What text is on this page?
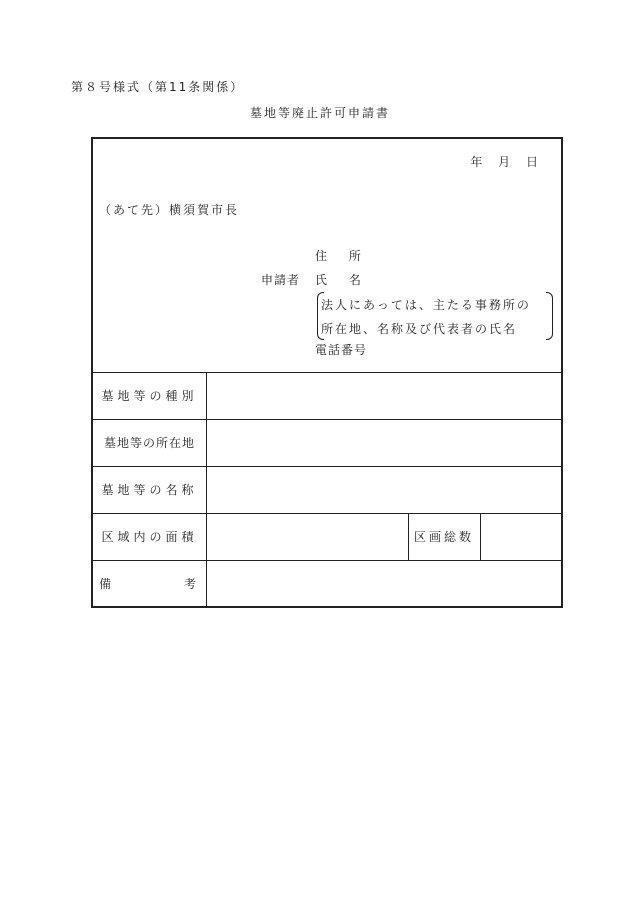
第８号様式（第11条関係）
墓地等廃止許可申請書
年 月 日
（あて先）横須賀市長
住 所
申請者 氏 名
法人にあっては、主たる事務所の
所在地、名称及び代表者の氏名
電話番号
墓地等の種別
墓地等の所在地
墓地等の名称
区域内の面積	区画総数
備	考
